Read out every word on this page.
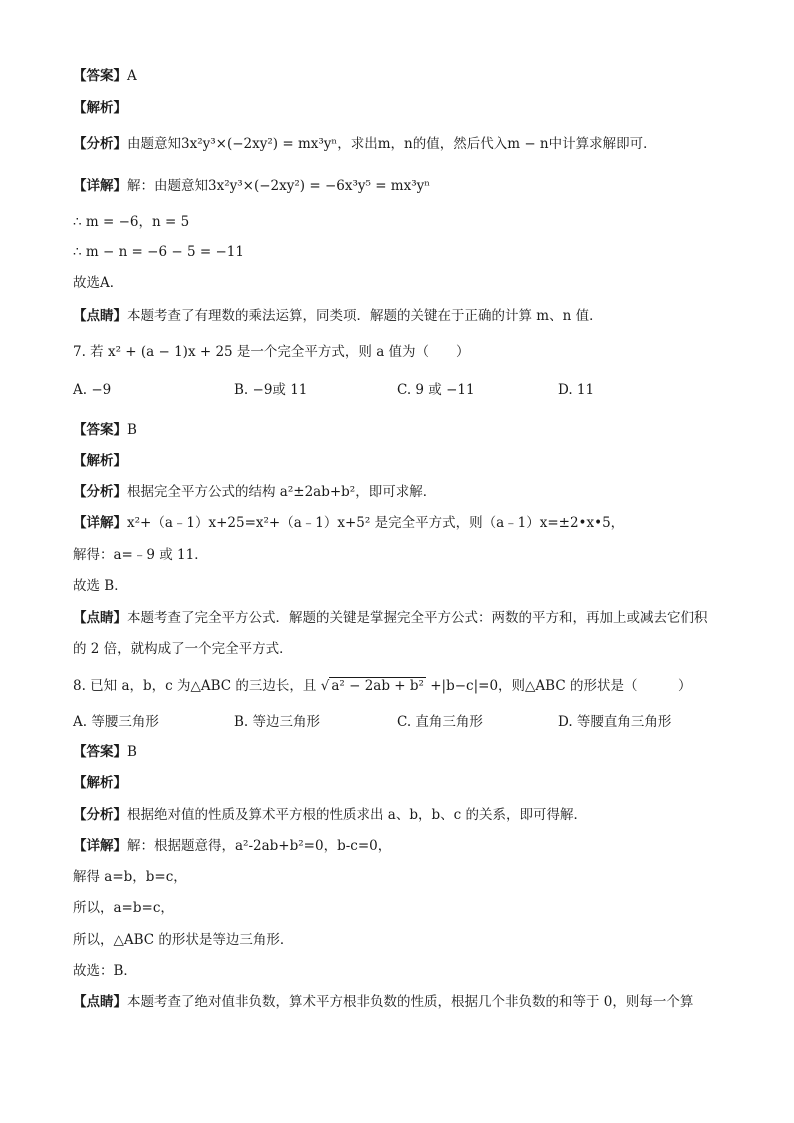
【答案】A
【解析】
【分析】由题意知3x²y³×(−2xy²) = mx³yⁿ，求出m，n的值，然后代入m − n中计算求解即可．
【详解】解：由题意知3x²y³×(−2xy²) = −6x³y⁵ = mx³yⁿ
∴ m = −6，n = 5
∴ m − n = −6 − 5 = −11
故选A．
【点睛】本题考查了有理数的乘法运算，同类项．解题的关键在于正确的计算 m、n 值．
7. 若 x² + (a − 1)x + 25 是一个完全平方式，则 a 值为（　　）
A. −9	B. −9或 11	C. 9 或 −11	D. 11
【答案】B
【解析】
【分析】根据完全平方公式的结构 a²±2ab+b²，即可求解．
【详解】x²+（a﹣1）x+25=x²+（a﹣1）x+5² 是完全平方式，则（a﹣1）x=±2•x•5，
解得：a=﹣9 或 11．
故选 B．
【点睛】本题考查了完全平方公式．解题的关键是掌握完全平方公式：两数的平方和，再加上或减去它们积的 2 倍，就构成了一个完全平方式．
8. 已知 a，b，c 为△ABC 的三边长，且 √ a² − 2ab + b² +|b−c|=0，则△ABC 的形状是（　　　）
A. 等腰三角形	B. 等边三角形	C. 直角三角形	D. 等腰直角三角形
【答案】B
【解析】
【分析】根据绝对值的性质及算术平方根的性质求出 a、b，b、c 的关系，即可得解．
【详解】解：根据题意得，a²-2ab+b²=0，b-c=0，
解得 a=b，b=c，
所以，a=b=c，
所以，△ABC 的形状是等边三角形．
故选：B．
【点睛】本题考查了绝对值非负数，算术平方根非负数的性质，根据几个非负数的和等于 0，则每一个算
